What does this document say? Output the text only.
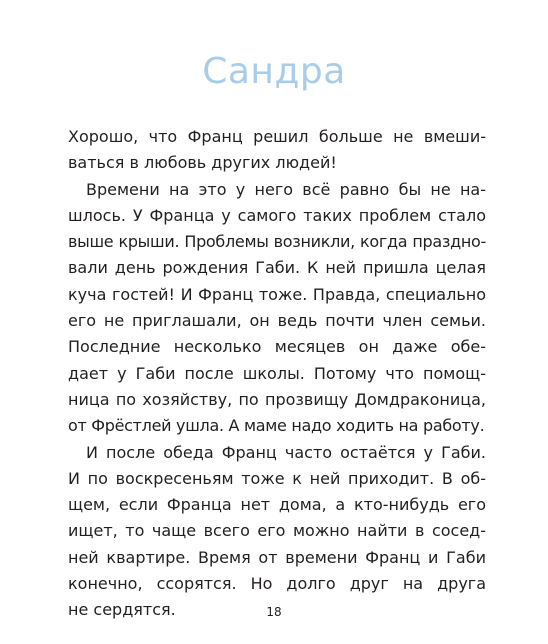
Сандра
Хорошо, что Франц решил больше не вмеши-
ваться в любовь других людей!
Времени на это у него всё равно бы не на-
шлось. У Франца у самого таких проблем стало
выше крыши. Проблемы возникли, когда праздно-
вали день рождения Габи. К ней пришла целая
куча гостей! И Франц тоже. Правда, специально
его не приглашали, он ведь почти член семьи.
Последние несколько месяцев он даже обе-
дает у Габи после школы. Потому что помощ-
ница по хозяйству, по прозвищу Домдраконица,
от Фрёстлей ушла. А маме надо ходить на работу.
И после обеда Франц часто остаётся у Габи.
И по воскресеньям тоже к ней приходит. В об-
щем, если Франца нет дома, а кто-нибудь его
ищет, то чаще всего его можно найти в сосед-
ней квартире. Время от времени Франц и Габи
конечно, ссорятся. Но долго друг на друга
не сердятся.	18
